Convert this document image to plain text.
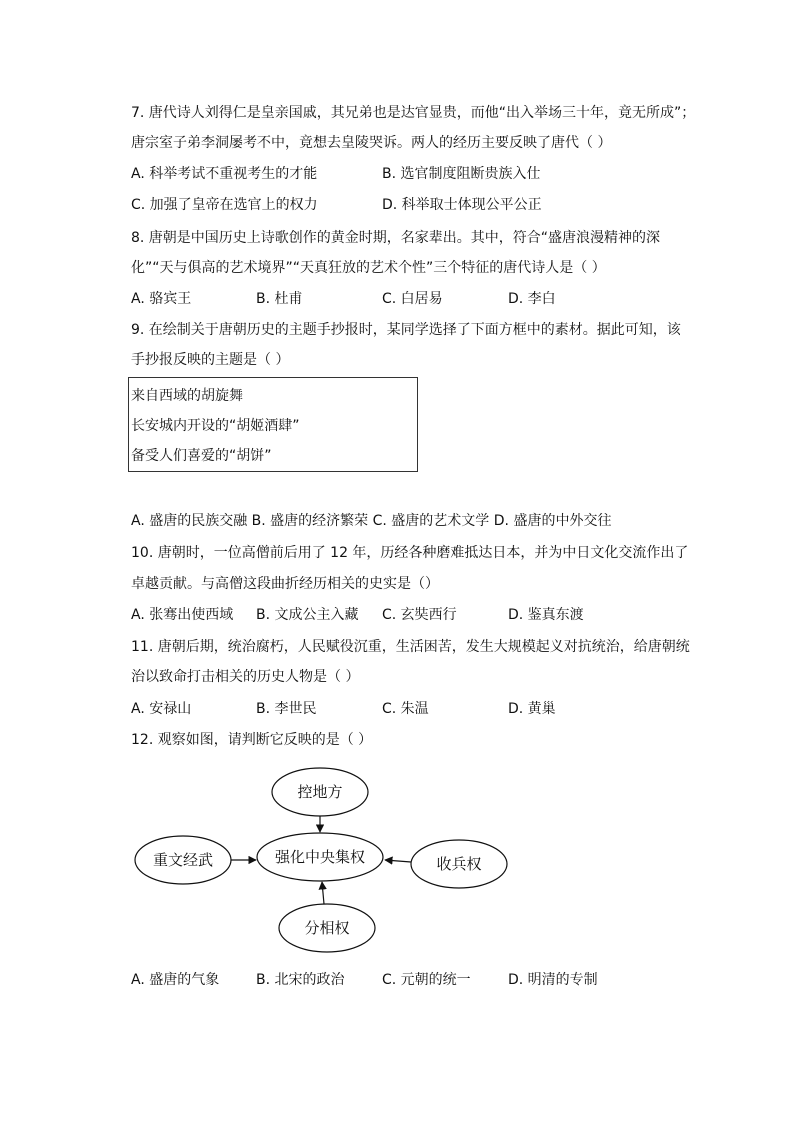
7. 唐代诗人刘得仁是皇亲国戚，其兄弟也是达官显贵，而他“出入举场三十年，竟无所成”；
唐宗室子弟李洞屡考不中，竟想去皇陵哭诉。两人的经历主要反映了唐代（ ）
A. 科举考试不重视考生的才能	B. 选官制度阻断贵族入仕
C. 加强了皇帝在选官上的权力	D. 科举取士体现公平公正
8. 唐朝是中国历史上诗歌创作的黄金时期，名家辈出。其中，符合“盛唐浪漫精神的深
化”“天与俱高的艺术境界”“天真狂放的艺术个性”三个特征的唐代诗人是（ ）
A. 骆宾王	B. 杜甫	C. 白居易	D. 李白
9. 在绘制关于唐朝历史的主题手抄报时，某同学选择了下面方框中的素材。据此可知，该
手抄报反映的主题是（ ）
来自西域的胡旋舞
长安城内开设的“胡姬酒肆”
备受人们喜爱的“胡饼”
A. 盛唐的民族交融 B. 盛唐的经济繁荣 C. 盛唐的艺术文学 D. 盛唐的中外交往
10. 唐朝时，一位高僧前后用了 12 年，历经各种磨难抵达日本，并为中日文化交流作出了
卓越贡献。与高僧这段曲折经历相关的史实是（）
A. 张骞出使西域 B. 文成公主入藏 C. 玄奘西行	D. 鉴真东渡
11. 唐朝后期，统治腐朽，人民赋役沉重，生活困苦，发生大规模起义对抗统治，给唐朝统
治以致命打击相关的历史人物是（ ）
A. 安禄山	B. 李世民	C. 朱温	D. 黄巢
12. 观察如图，请判断它反映的是（ ）
控地方
重文经武	强化中央集权	收兵权
分相权
A. 盛唐的气象	B. 北宋的政治	C. 元朝的统一	D. 明清的专制
